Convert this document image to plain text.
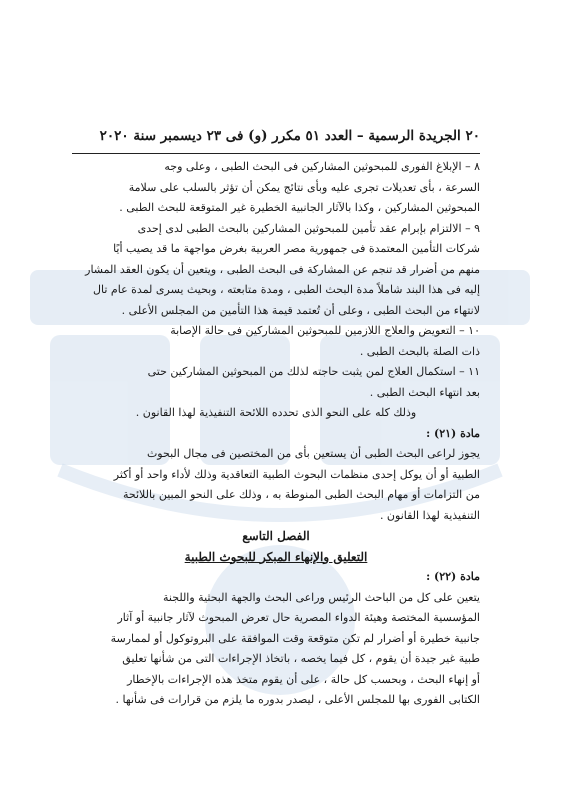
٢٠ الجريدة الرسمية – العدد ٥١ مكرر (و) فى ٢٣ ديسمبر سنة ٢٠٢٠

٨ – الإبلاغ الفورى للمبحوثين المشاركين فى البحث الطبى ، وعلى وجه

السرعة ، بأى تعديلات تجرى عليه وبأى نتائج يمكن أن تؤثر بالسلب على سلامة

المبحوثين المشاركين ، وكذا بالآثار الجانبية الخطيرة غير المتوقعة للبحث الطبى .

٩ – الالتزام بإبرام عقد تأمين للمبحوثين المشاركين بالبحث الطبى لدى إحدى

شركات التأمين المعتمدة فى جمهورية مصر العربية بغرض مواجهة ما قد يصيب أيًا

منهم من أضرار قد تنجم عن المشاركة فى البحث الطبى ، ويتعين أن يكون العقد المشار

إليه فى هذا البند شاملاً مدة البحث الطبى ، ومدة متابعته ، وبحيث يسرى لمدة عام تال

لانتهاء من البحث الطبى ، وعلى أن تُعتمد قيمة هذا التأمين من المجلس الأعلى .

١٠ – التعويض والعلاج اللازمين للمبحوثين المشاركين فى حالة الإصابة

ذات الصلة بالبحث الطبى .

١١ – استكمال العلاج لمن يثبت حاجته لذلك من المبحوثين المشاركين حتى

بعد انتهاء البحث الطبى .

وذلك كله على النحو الذى تحدده اللائحة التنفيذية لهذا القانون .

مادة (٢١) :

يجوز لراعى البحث الطبى أن يستعين بأى من المختصين فى مجال البحوث

الطبية أو أن يوكل إحدى منظمات البحوث الطبية التعاقدية وذلك لأداء واحد أو أكثر

من التزامات أو مهام البحث الطبى المنوطة به ، وذلك على النحو المبين باللائحة

التنفيذية لهذا القانون .

الفصل التاسع

التعليق والإنهاء المبكر للبحوث الطبية

مادة (٢٢) :

يتعين على كل من الباحث الرئيس وراعى البحث والجهة البحثية واللجنة

المؤسسية المختصة وهيئة الدواء المصرية حال تعرض المبحوث لآثار جانبية أو آثار

جانبية خطيرة أو أضرار لم تكن متوقعة وقت الموافقة على البروتوكول أو لممارسة

طبية غير جيدة أن يقوم ، كل فيما يخصه ، باتخاذ الإجراءات التى من شأنها تعليق

أو إنهاء البحث ، وبحسب كل حالة ، على أن يقوم متخذ هذه الإجراءات بالإخطار

الكتابى الفورى بها للمجلس الأعلى ، ليصدر بدوره ما يلزم من قرارات فى شأنها .
